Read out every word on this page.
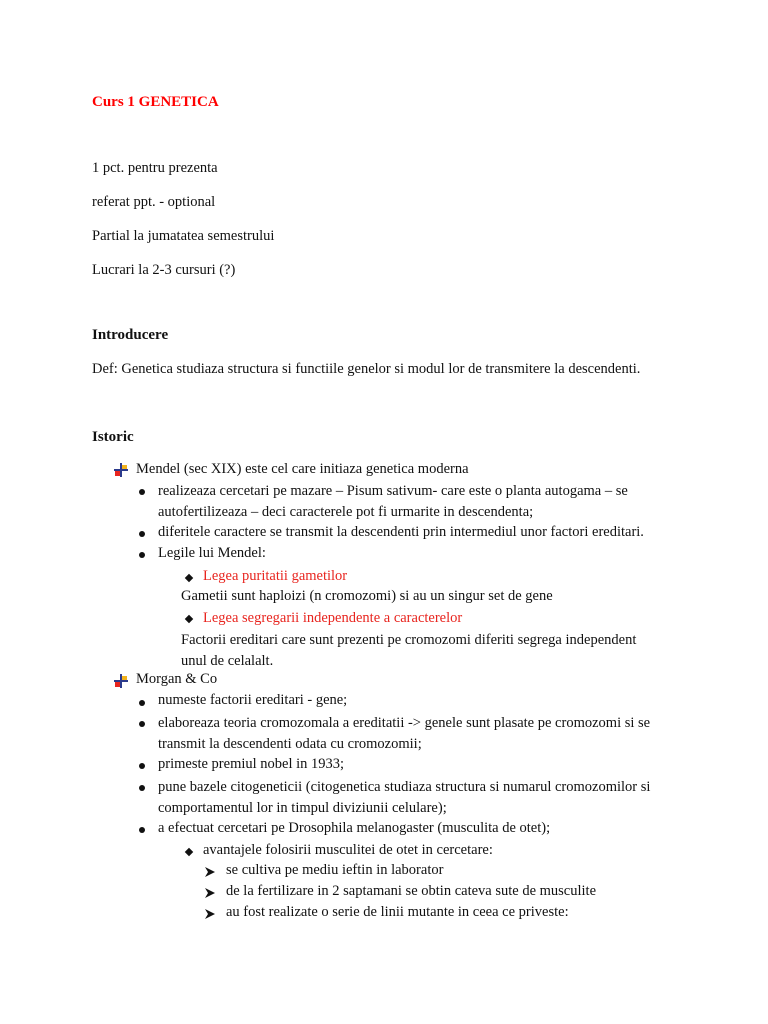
Curs 1 GENETICA
1 pct. pentru prezenta
referat ppt. - optional
Partial la jumatatea semestrului
Lucrari la 2-3 cursuri (?)
Introducere
Def: Genetica studiaza structura si functiile genelor si modul lor de transmitere la descendenti.
Istoric
Mendel (sec XIX) este cel care initiaza genetica moderna
realizeaza cercetari pe mazare – Pisum sativum- care este o planta autogama – se
autofertilizeaza – deci caracterele pot fi urmarite in descendenta;
diferitele caractere se transmit la descendenti prin intermediul unor factori ereditari.
Legile lui Mendel:
Legea puritatii gametilor
Gametii sunt haploizi (n cromozomi) si au un singur set de gene
Legea segregarii independente a caracterelor
Factorii ereditari care sunt prezenti pe cromozomi diferiti segrega independent
unul de celalalt.
Morgan & Co
numeste factorii ereditari - gene;
elaboreaza teoria cromozomala a ereditatii -> genele sunt plasate pe cromozomi si se
transmit la descendenti odata cu cromozomii;
primeste premiul nobel in 1933;
pune bazele citogeneticii (citogenetica studiaza structura si numarul cromozomilor si
comportamentul lor in timpul diviziunii celulare);
a efectuat cercetari pe Drosophila melanogaster (musculita de otet);
avantajele folosirii musculitei de otet in cercetare:
se cultiva pe mediu ieftin in laborator
de la fertilizare in 2 saptamani se obtin cateva sute de musculite
au fost realizate o serie de linii mutante in ceea ce priveste:
